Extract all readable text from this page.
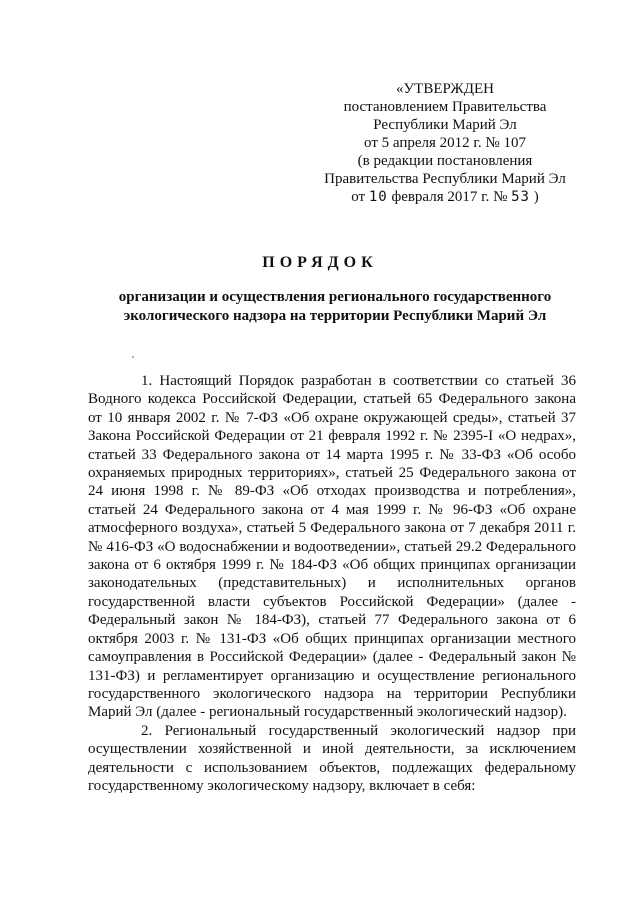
«УТВЕРЖДЕН
постановлением Правительства
Республики Марий Эл
от 5 апреля 2012 г. № 107
(в редакции постановления
Правительства Республики Марий Эл
от 10 февраля 2017 г. № 53 )
ПОРЯДОК
организации и осуществления регионального государственного
экологического надзора на территории Республики Марий Эл

1. Настоящий Порядок разработан в соответствии со статьей 36 Водного кодекса Российской Федерации, статьей 65 Федерального закона от 10 января 2002 г. № 7-ФЗ «Об охране окружающей среды», статьей 37 Закона Российской Федерации от 21 февраля 1992 г. № 2395-I «О недрах», статьей 33 Федерального закона от 14 марта 1995 г. № 33-ФЗ «Об особо охраняемых природных территориях», статьей 25 Федерального закона от 24 июня 1998 г. № 89-ФЗ «Об отходах производства и потребления», статьей 24 Федерального закона от 4 мая 1999 г. № 96-ФЗ «Об охране атмосферного воздуха», статьей 5 Федерального закона от 7 декабря 2011 г. № 416-ФЗ «О водоснабжении и водоотведении», статьей 29.2 Федерального закона от 6 октября 1999 г. № 184-ФЗ «Об общих принципах организации законодательных (представительных) и исполнительных органов государственной власти субъектов Российской Федерации» (далее - Федеральный закон № 184-ФЗ), статьей 77 Федерального закона от 6 октября 2003 г. № 131-ФЗ «Об общих принципах организации местного самоуправления в Российской Федерации» (далее - Федеральный закон № 131-ФЗ) и регламентирует организацию и осуществление регионального государственного экологического надзора на территории Республики Марий Эл (далее - региональный государственный экологический надзор).

2. Региональный государственный экологический надзор при осуществлении хозяйственной и иной деятельности, за исключением деятельности с использованием объектов, подлежащих федеральному государственному экологическому надзору, включает в себя:
